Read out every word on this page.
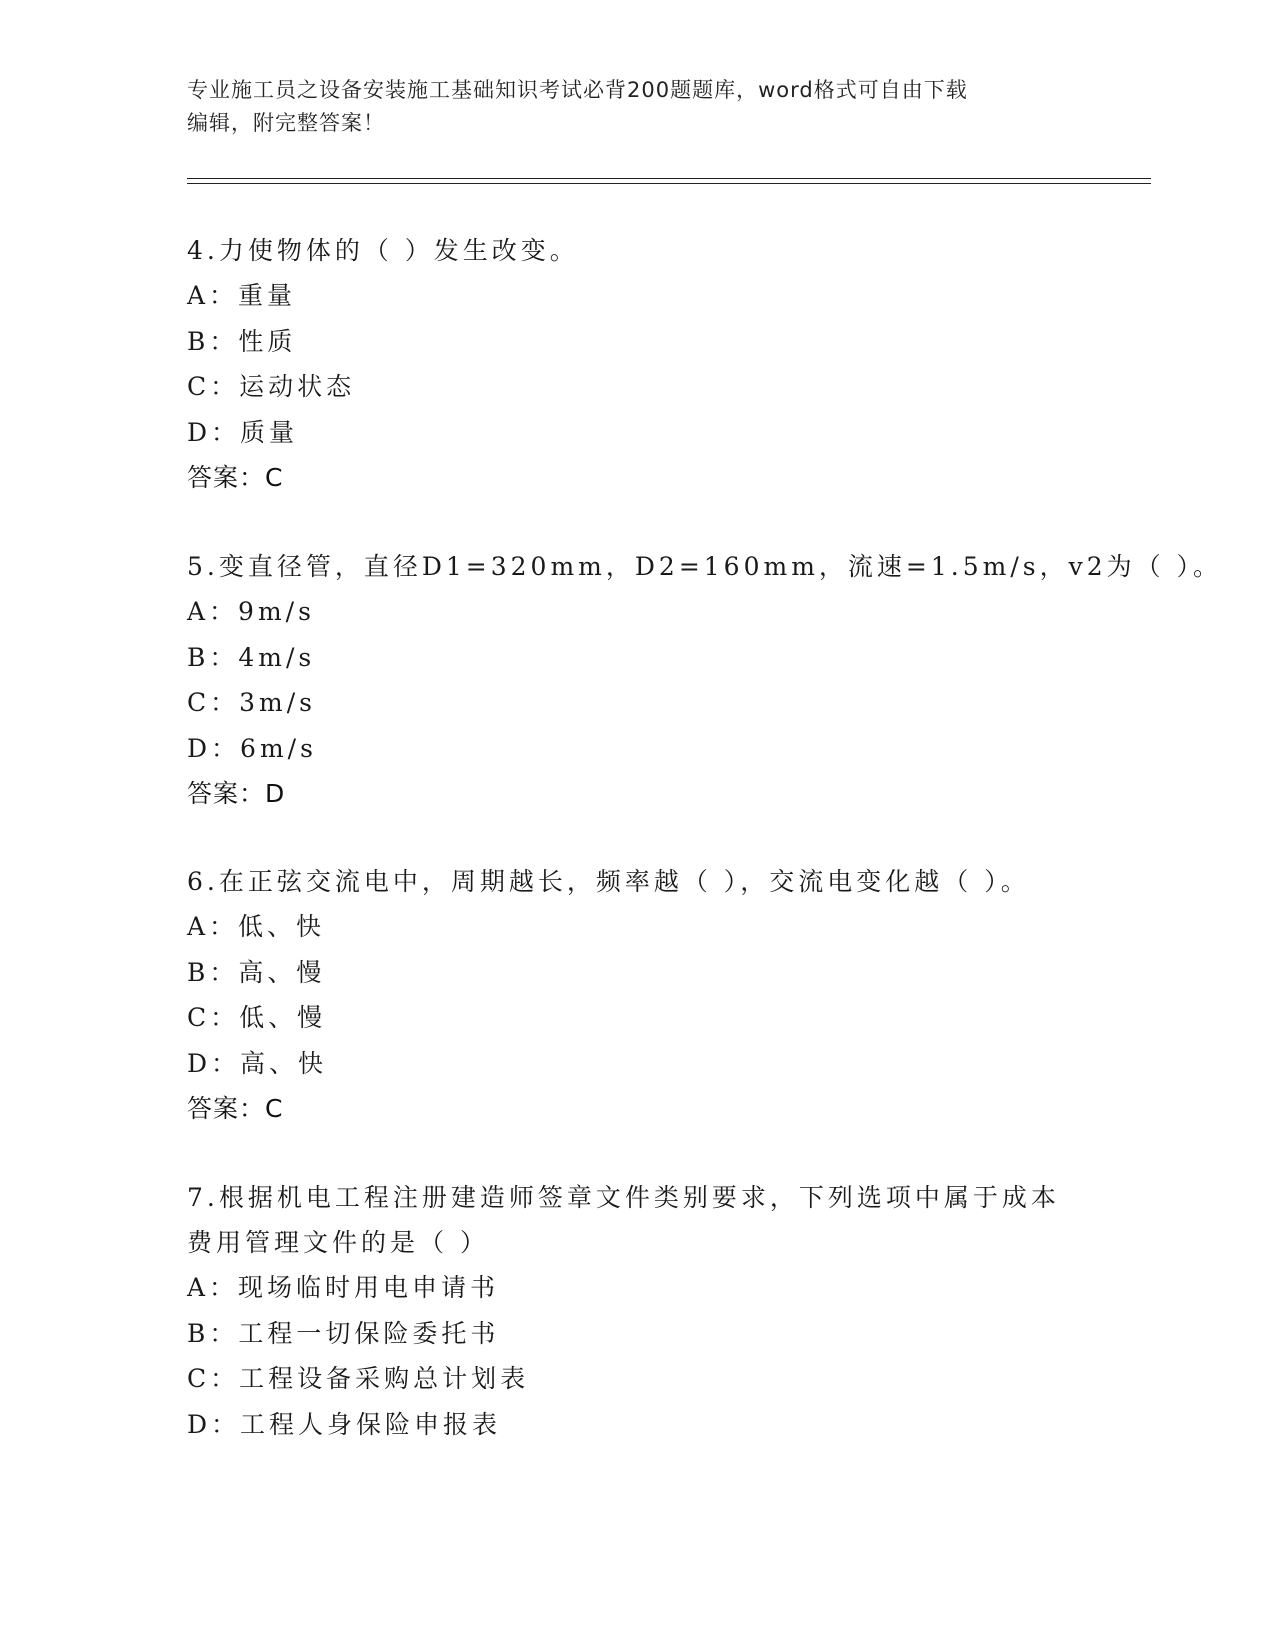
专业施工员之设备安装施工基础知识考试必背200题题库，word格式可自由下载
编辑，附完整答案！
4.力使物体的（ ）发生改变。
A：重量
B：性质
C：运动状态
D：质量
答案：C
5.变直径管，直径D1=320mm，D2=160mm，流速=1.5m/s，v2为（ ）。
A：9m/s
B：4m/s
C：3m/s
D：6m/s
答案：D
6.在正弦交流电中，周期越长，频率越（ ），交流电变化越（ ）。
A：低、快
B：高、慢
C：低、慢
D：高、快
答案：C
7.根据机电工程注册建造师签章文件类别要求，下列选项中属于成本
费用管理文件的是（ ）
A：现场临时用电申请书
B：工程一切保险委托书
C：工程设备采购总计划表
D：工程人身保险申报表
